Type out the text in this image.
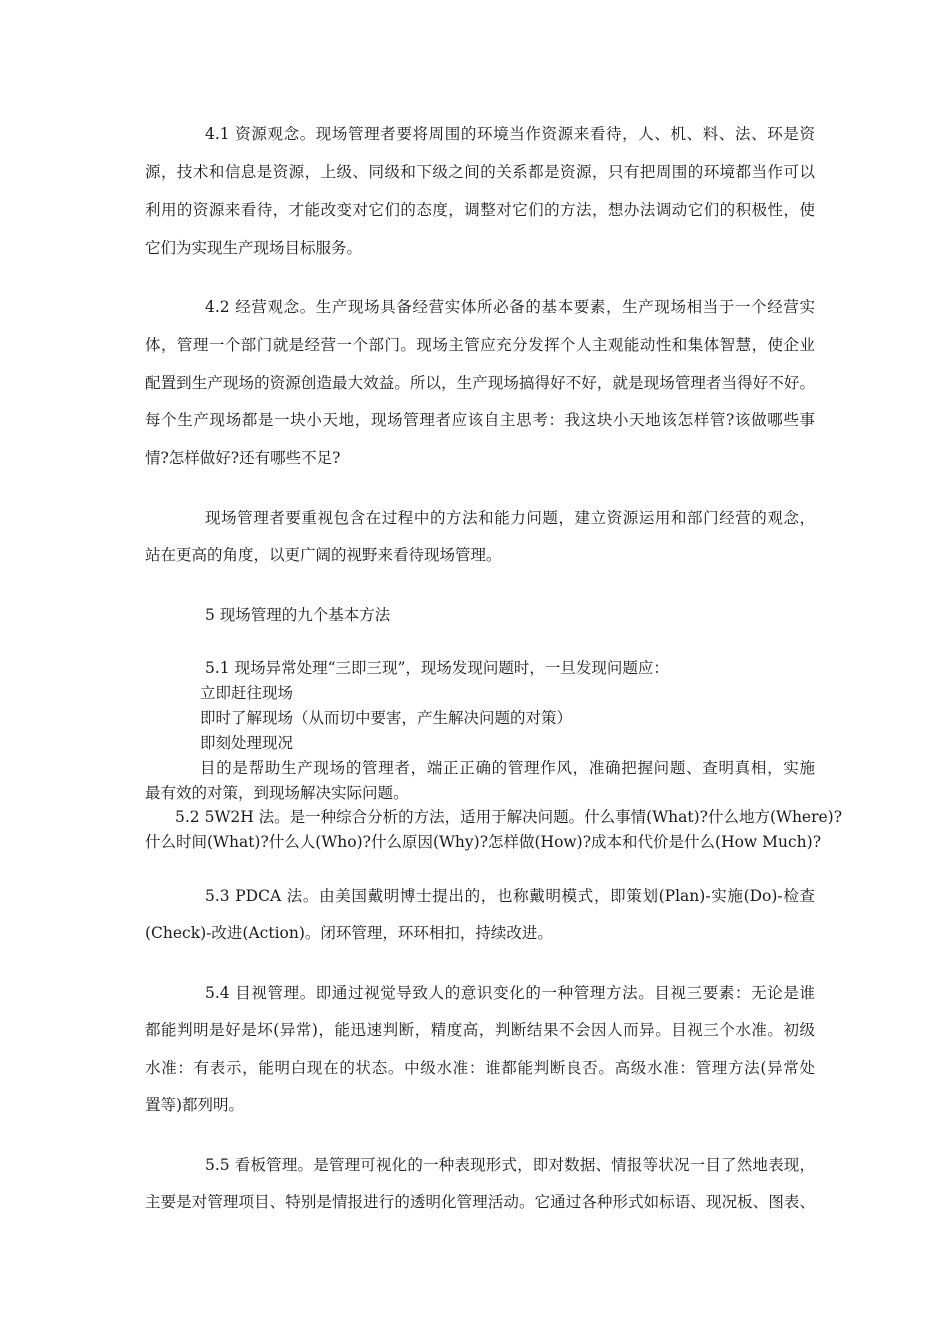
4.1 资源观念。现场管理者要将周围的环境当作资源来看待，人、机、料、法、环是资
源，技术和信息是资源，上级、同级和下级之间的关系都是资源，只有把周围的环境都当作可以
利用的资源来看待，才能改变对它们的态度，调整对它们的方法，想办法调动它们的积极性，使
它们为实现生产现场目标服务。
4.2 经营观念。生产现场具备经营实体所必备的基本要素，生产现场相当于一个经营实
体，管理一个部门就是经营一个部门。现场主管应充分发挥个人主观能动性和集体智慧，使企业
配置到生产现场的资源创造最大效益。所以，生产现场搞得好不好，就是现场管理者当得好不好。
每个生产现场都是一块小天地，现场管理者应该自主思考：我这块小天地该怎样管?该做哪些事
情?怎样做好?还有哪些不足?
现场管理者要重视包含在过程中的方法和能力问题，建立资源运用和部门经营的观念，
站在更高的角度，以更广阔的视野来看待现场管理。
5 现场管理的九个基本方法
5.1 现场异常处理“三即三现”，现场发现问题时，一旦发现问题应：
立即赶往现场
即时了解现场（从而切中要害，产生解决问题的对策）
即刻处理现况
目的是帮助生产现场的管理者，端正正确的管理作风，准确把握问题、查明真相，实施
最有效的对策，到现场解决实际问题。
5.2 5W2H 法。是一种综合分析的方法，适用于解决问题。什么事情(What)?什么地方(Where)?
什么时间(What)?什么人(Who)?什么原因(Why)?怎样做(How)?成本和代价是什么(How Much)?
5.3 PDCA 法。由美国戴明博士提出的，也称戴明模式，即策划(Plan)-实施(Do)-检查
(Check)-改进(Action)。闭环管理，环环相扣，持续改进。
5.4 目视管理。即通过视觉导致人的意识变化的一种管理方法。目视三要素：无论是谁
都能判明是好是坏(异常)，能迅速判断，精度高，判断结果不会因人而异。目视三个水准。初级
水准：有表示，能明白现在的状态。中级水准：谁都能判断良否。高级水准：管理方法(异常处
置等)都列明。
5.5 看板管理。是管理可视化的一种表现形式，即对数据、情报等状况一目了然地表现，
主要是对管理项目、特别是情报进行的透明化管理活动。它通过各种形式如标语、现况板、图表、
